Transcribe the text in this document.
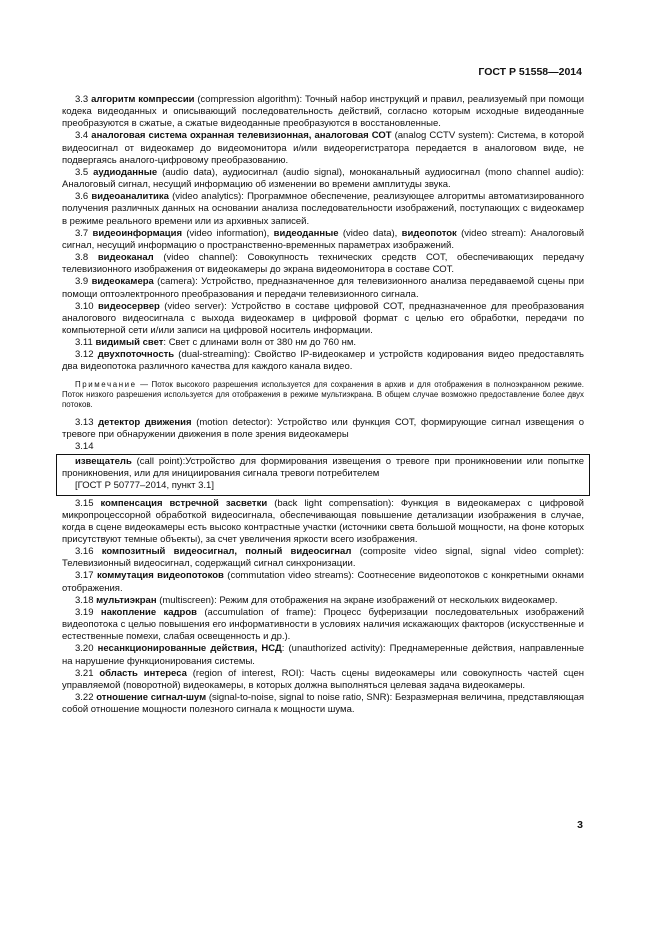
ГОСТ Р 51558—2014

3.3 алгоритм компрессии (compression algorithm): Точный набор инструкций и правил, реализуемый при помощи кодека видеоданных и описывающий последовательность действий, согласно которым исходные видеоданные преобразуются в сжатые, а сжатые видеоданные преобразуются в восстановленные.

3.4 аналоговая система охранная телевизионная, аналоговая СОТ (analog CCTV system): Система, в которой видеосигнал от видеокамер до видеомонитора и/или видеорегистратора передается в аналоговом виде, не подвергаясь аналого-цифровому преобразованию.

3.5 аудиоданные (audio data), аудиосигнал (audio signal), моноканальный аудиосигнал (mono channel audio): Аналоговый сигнал, несущий информацию об изменении во времени амплитуды звука.

3.6 видеоаналитика (video analytics): Программное обеспечение, реализующее алгоритмы автоматизированного получения различных данных на основании анализа последовательности изображений, поступающих с видеокамер в режиме реального времени или из архивных записей.

3.7 видеоинформация (video information), видеоданные (video data), видеопоток (video stream): Аналоговый сигнал, несущий информацию о пространственно-временных параметрах изображений.

3.8 видеоканал (video channel): Совокупность технических средств СОТ, обеспечивающих передачу телевизионного изображения от видеокамеры до экрана видеомонитора в составе СОТ.

3.9 видеокамера (camera): Устройство, предназначенное для телевизионного анализа передаваемой сцены при помощи оптоэлектронного преобразования и передачи телевизионного сигнала.

3.10 видеосервер (video server): Устройство в составе цифровой СОТ, предназначенное для преобразования аналогового видеосигнала с выхода видеокамер в цифровой формат с целью его обработки, передачи по компьютерной сети и/или записи на цифровой носитель информации.

3.11 видимый свет: Свет с длинами волн от 380 нм до 760 нм.

3.12 двухпоточность (dual-streaming): Свойство IP-видеокамер и устройств кодирования видео предоставлять два видеопотока различного качества для каждого канала видео.

Примечание — Поток высокого разрешения используется для сохранения в архив и для отображения в полноэкранном режиме. Поток низкого разрешения используется для отображения в режиме мультиэкрана. В общем случае возможно предоставление более двух потоков.

3.13 детектор движения (motion detector): Устройство или функция СОТ, формирующие сигнал извещения о тревоге при обнаружении движения в поле зрения видеокамеры

3.14

извещатель (call point):Устройство для формирования извещения о тревоге при проникновении или попытке проникновения, или для инициирования сигнала тревоги потребителем

[ГОСТ Р 50777–2014, пункт 3.1]

3.15 компенсация встречной засветки (back light compensation): Функция в видеокамерах с цифровой микропроцессорной обработкой видеосигнала, обеспечивающая повышение детализации изображения в случае, когда в сцене видеокамеры есть высоко контрастные участки (источники света большой мощности, на фоне которых присутствуют темные объекты), за счет увеличения яркости всего изображения.

3.16 композитный видеосигнал, полный видеосигнал (composite video signal, signal video complet): Телевизионный видеосигнал, содержащий сигнал синхронизации.

3.17 коммутация видеопотоков (commutation video streams): Соотнесение видеопотоков с конкретными окнами отображения.

3.18 мультиэкран (multiscreen): Режим для отображения на экране изображений от нескольких видеокамер.

3.19 накопление кадров (accumulation of frame): Процесс буферизации последовательных изображений видеопотока с целью повышения его информативности в условиях наличия искажающих факторов (искусственные и естественные помехи, слабая освещенность и др.).

3.20 несанкционированные действия, НСД: (unauthorized activity): Преднамеренные действия, направленные на нарушение функционирования системы.

3.21 область интереса (region of interest, ROI): Часть сцены видеокамеры или совокупность частей сцен управляемой (поворотной) видеокамеры, в которых должна выполняться целевая задача видеокамеры.

3.22 отношение сигнал-шум (signal-to-noise, signal to noise ratio, SNR): Безразмерная величина, представляющая собой отношение мощности полезного сигнала к мощности шума.

3
